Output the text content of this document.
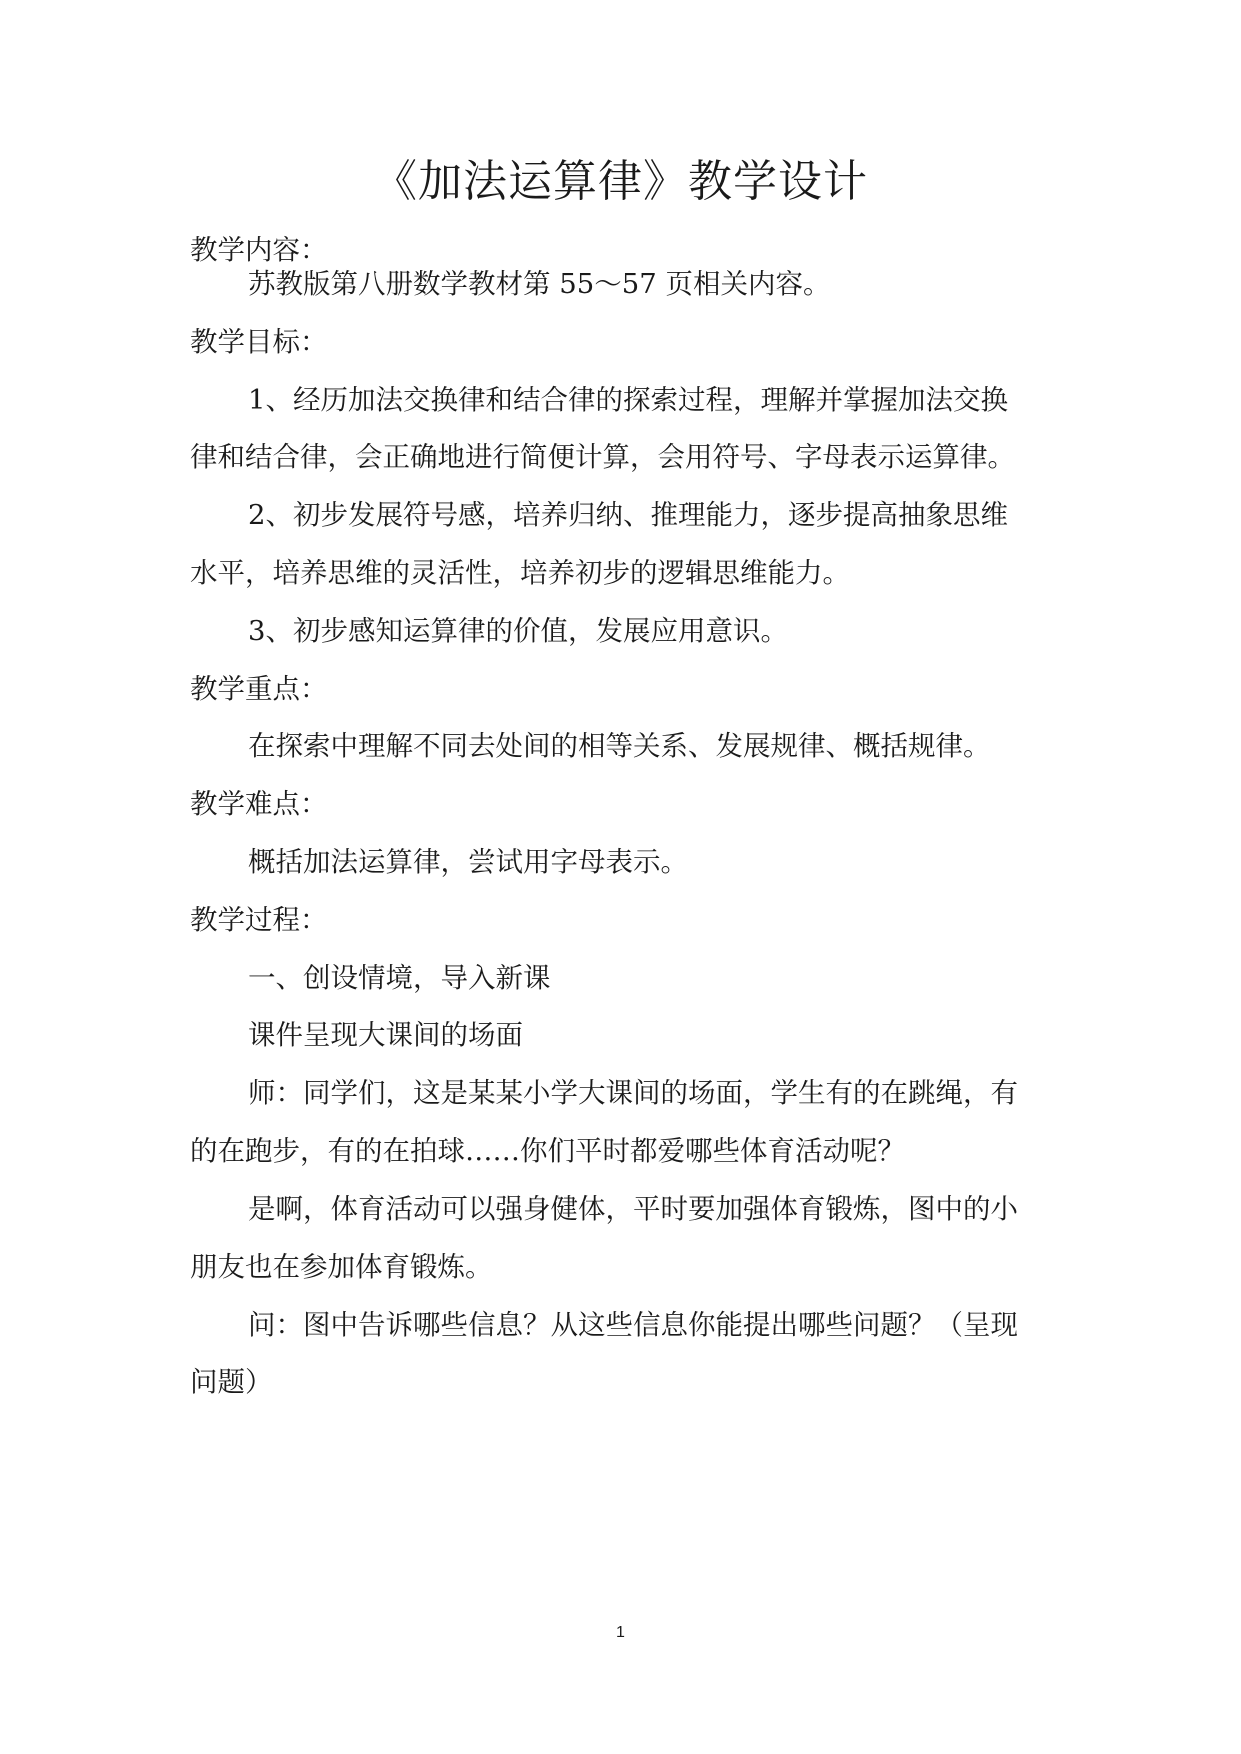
《加法运算律》教学设计

教学内容：

苏教版第八册数学教材第 55～57 页相关内容。

教学目标：

1、经历加法交换律和结合律的探索过程，理解并掌握加法交换

律和结合律，会正确地进行简便计算，会用符号、字母表示运算律。

2、初步发展符号感，培养归纳、推理能力，逐步提高抽象思维

水平，培养思维的灵活性，培养初步的逻辑思维能力。

3、初步感知运算律的价值，发展应用意识。

教学重点：

在探索中理解不同去处间的相等关系、发展规律、概括规律。

教学难点：

概括加法运算律，尝试用字母表示。

教学过程：

一、创设情境，导入新课

课件呈现大课间的场面

师：同学们，这是某某小学大课间的场面，学生有的在跳绳，有

的在跑步，有的在拍球……你们平时都爱哪些体育活动呢？

是啊，体育活动可以强身健体，平时要加强体育锻炼，图中的小

朋友也在参加体育锻炼。

问：图中告诉哪些信息？从这些信息你能提出哪些问题？（呈现

问题）

1
